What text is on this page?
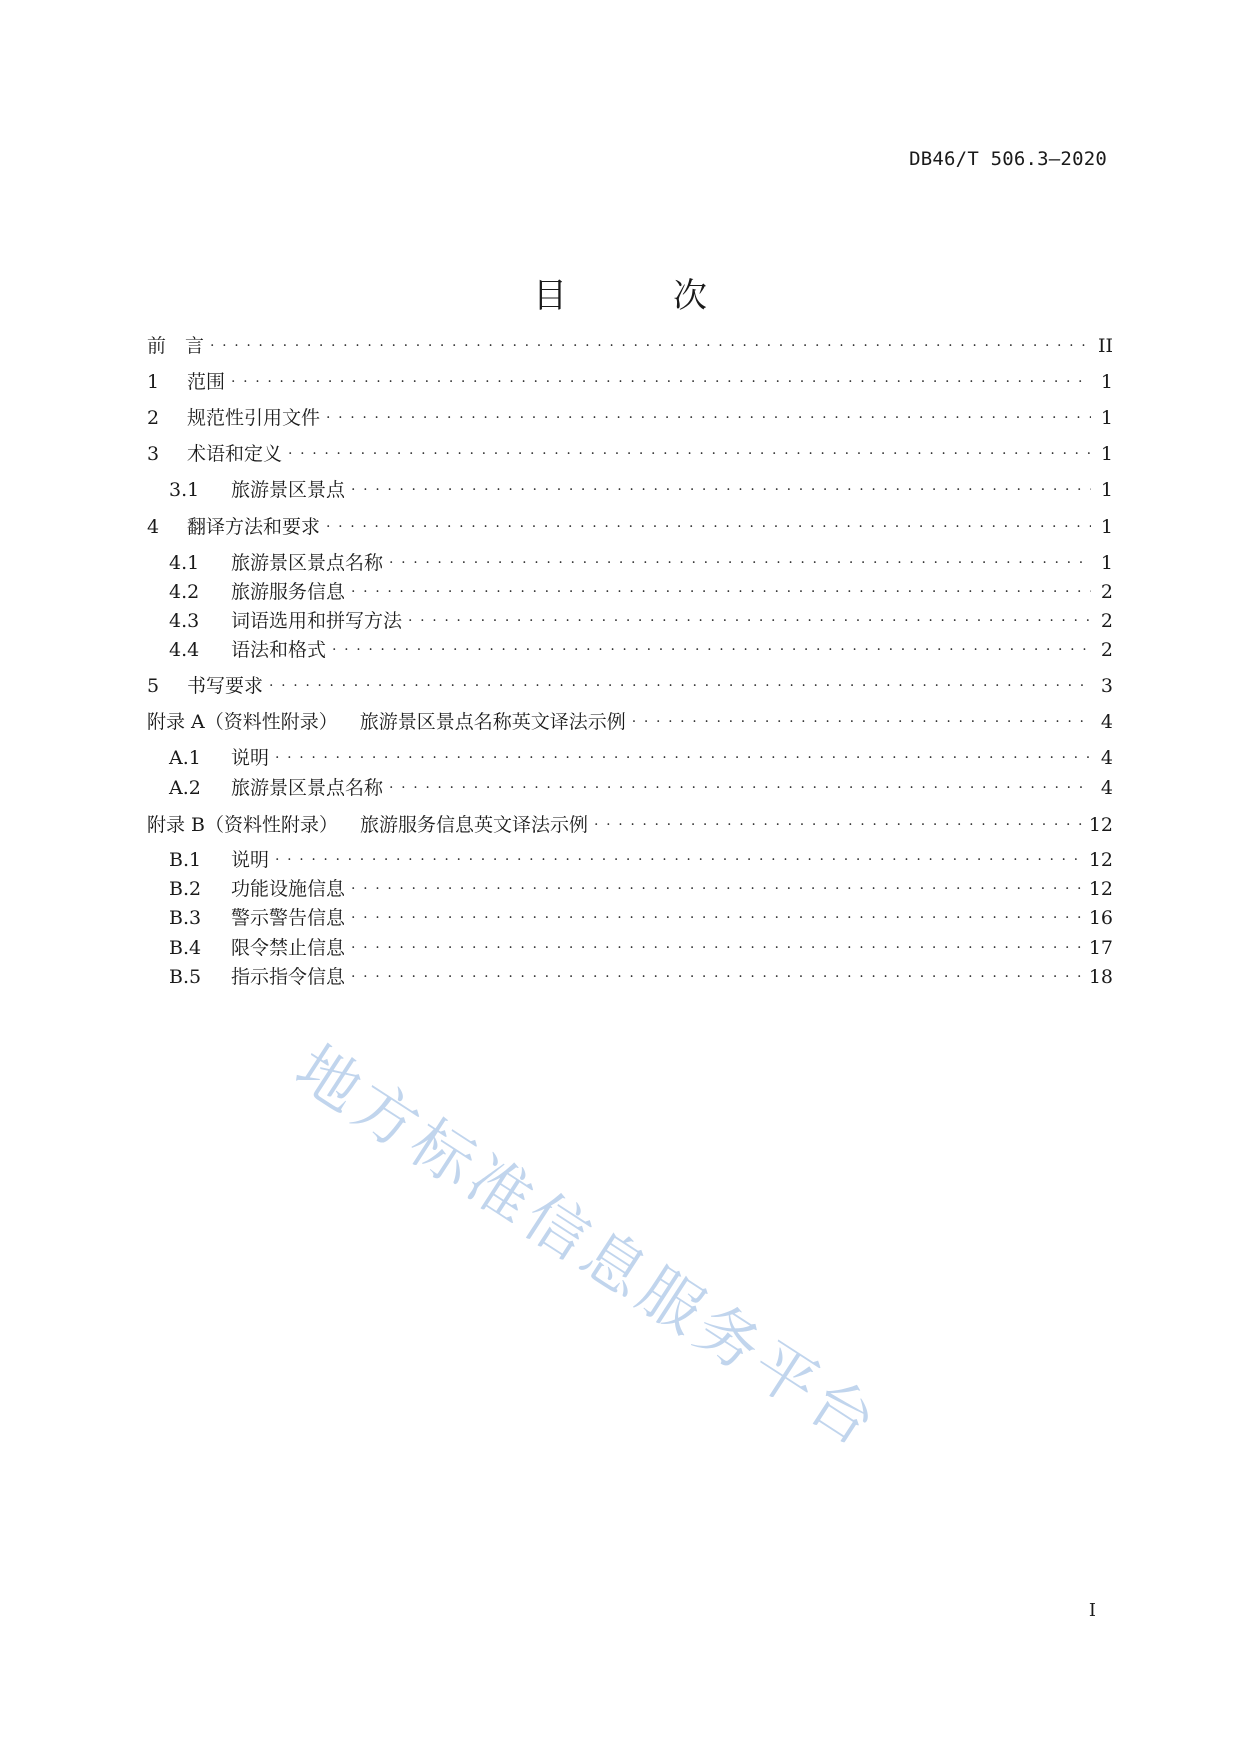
DB46/T 506.3—2020
目　次
前　言 . . .	II
1	范围 . . .	1
2	规范性引用文件 . . .	1
3	术语和定义 . . .	1
3.1	旅游景区景点 . . .	1
4	翻译方法和要求 . . .	1
4.1	旅游景区景点名称 . . .	1
4.2	旅游服务信息 . . .	2
4.3	词语选用和拼写方法 . . .	2
4.4	语法和格式 . . .	2
5	书写要求 . . .	3
附录 A（资料性附录） 旅游景区景点名称英文译法示例 . . .	4
A.1	说明 . . .	4
A.2	旅游景区景点名称 . . .	4
附录 B（资料性附录） 旅游服务信息英文译法示例 . . .	12
B.1	说明 . . .	12
B.2	功能设施信息 . . .	12
B.3	警示警告信息 . . .	16
B.4	限令禁止信息 . . .	17
B.5	指示指令信息 . . .	18
地方标准信息服务平台
I
